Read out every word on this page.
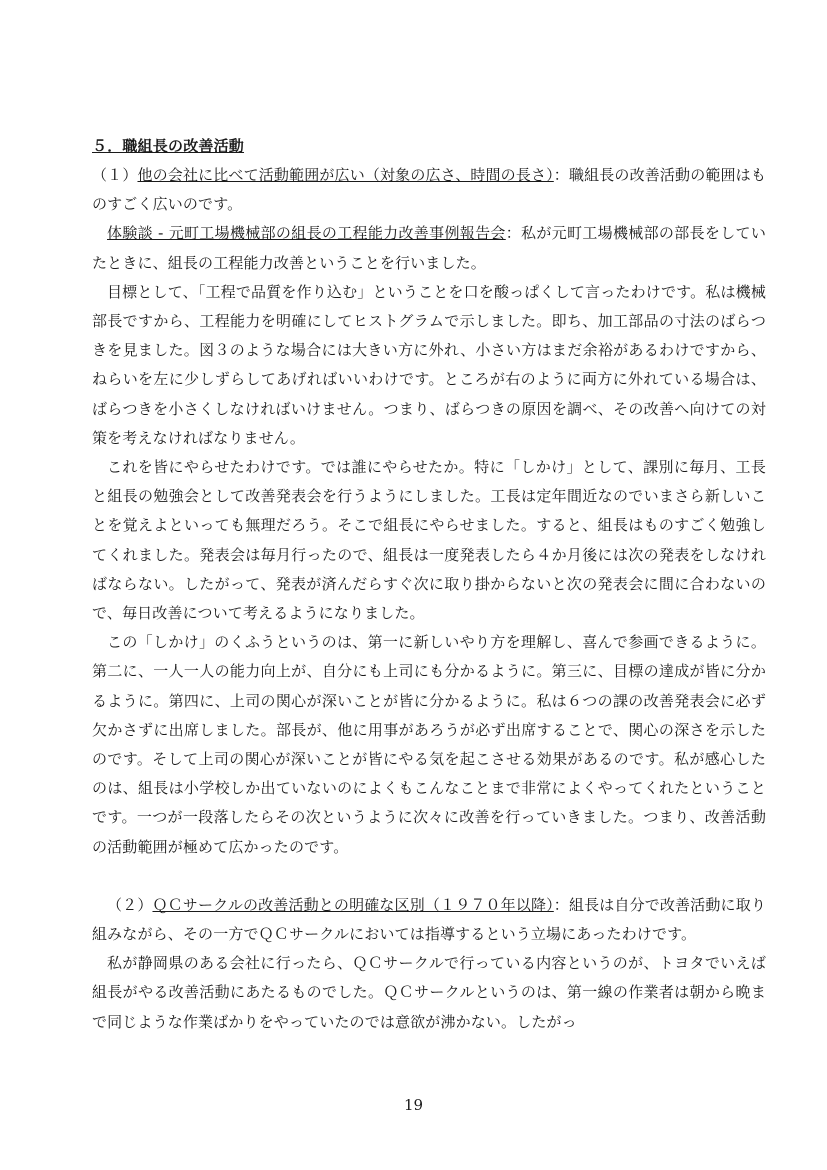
５．職組長の改善活動

（１）他の会社に比べて活動範囲が広い（対象の広さ、時間の長さ）：職組長の改善活動の範囲はものすごく広いのです。

体験談 - 元町工場機械部の組長の工程能力改善事例報告会：私が元町工場機械部の部長をしていたときに、組長の工程能力改善ということを行いました。

目標として、「工程で品質を作り込む」ということを口を酸っぱくして言ったわけです。私は機械部長ですから、工程能力を明確にしてヒストグラムで示しました。即ち、加工部品の寸法のばらつきを見ました。図３のような場合には大きい方に外れ、小さい方はまだ余裕があるわけですから、ねらいを左に少しずらしてあげればいいわけです。ところが右のように両方に外れている場合は、ばらつきを小さくしなければいけません。つまり、ばらつきの原因を調べ、その改善へ向けての対策を考えなければなりません。

これを皆にやらせたわけです。では誰にやらせたか。特に「しかけ」として、課別に毎月、工長と組長の勉強会として改善発表会を行うようにしました。工長は定年間近なのでいまさら新しいことを覚えよといっても無理だろう。そこで組長にやらせました。すると、組長はものすごく勉強してくれました。発表会は毎月行ったので、組長は一度発表したら４か月後には次の発表をしなければならない。したがって、発表が済んだらすぐ次に取り掛からないと次の発表会に間に合わないので、毎日改善について考えるようになりました。

この「しかけ」のくふうというのは、第一に新しいやり方を理解し、喜んで参画できるように。第二に、一人一人の能力向上が、自分にも上司にも分かるように。第三に、目標の達成が皆に分かるように。第四に、上司の関心が深いことが皆に分かるように。私は６つの課の改善発表会に必ず欠かさずに出席しました。部長が、他に用事があろうが必ず出席することで、関心の深さを示したのです。そして上司の関心が深いことが皆にやる気を起こさせる効果があるのです。私が感心したのは、組長は小学校しか出ていないのによくもこんなことまで非常によくやってくれたということです。一つが一段落したらその次というように次々に改善を行っていきました。つまり、改善活動の活動範囲が極めて広かったのです。

（２）ＱＣサークルの改善活動との明確な区別（１９７０年以降）：組長は自分で改善活動に取り組みながら、その一方でＱＣサークルにおいては指導するという立場にあったわけです。

私が静岡県のある会社に行ったら、ＱＣサークルで行っている内容というのが、トヨタでいえば組長がやる改善活動にあたるものでした。ＱＣサークルというのは、第一線の作業者は朝から晩まで同じような作業ばかりをやっていたのでは意欲が沸かない。したがっ

19
